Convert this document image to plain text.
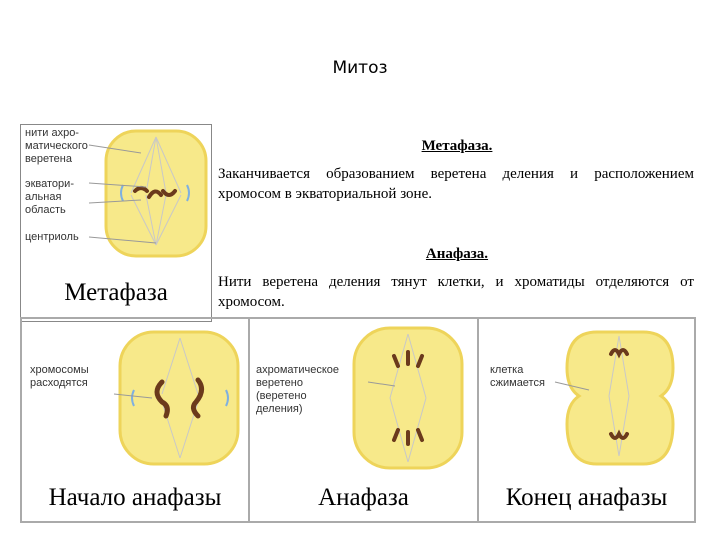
Митоз
нити ахро-
матического
веретена
экватори-
альная
область
центриоль
Метафаза
Метафаза.
Заканчивается образованием веретена деления и расположением хромосом в экваториальной зоне.
Анафаза.
Нити веретена деления тянут клетки, и хроматиды отделяются от хромосом.
хромосомы
расходятся
Начало анафазы
ахроматическое
веретено
(веретено
деления)
Анафаза
клетка
сжимается
Конец анафазы
